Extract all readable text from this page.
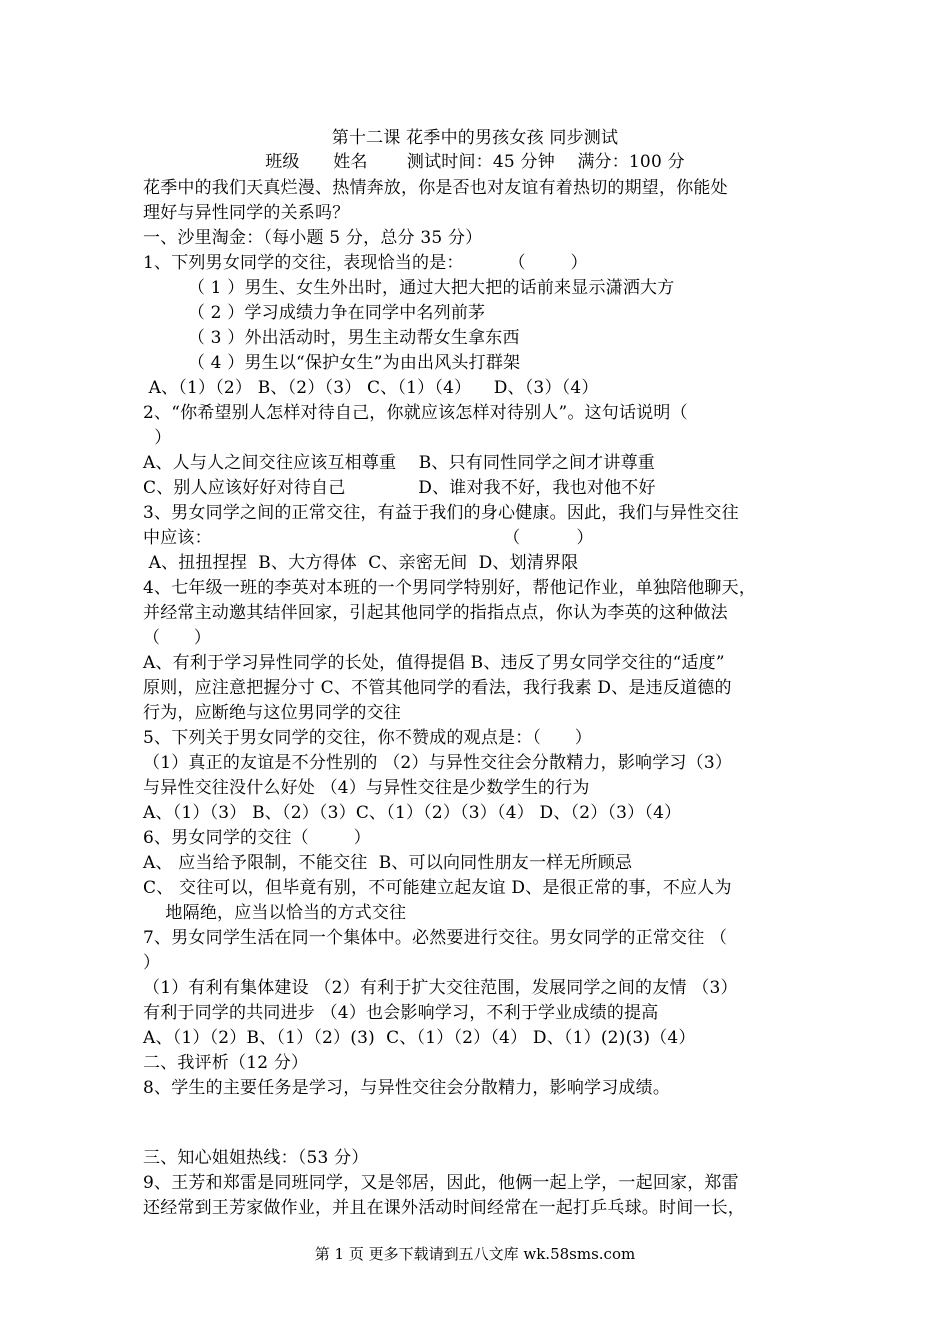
第十二课 花季中的男孩女孩 同步测试
班级      姓名       测试时间：45 分钟    满分：100 分
花季中的我们天真烂漫、热情奔放，你是否也对友谊有着热切的期望，你能处
理好与异性同学的关系吗？
一、沙里淘金：（每小题 5 分，总分 35 分）
1、下列男女同学的交往，表现恰当的是：        （        ）
（ 1 ）男生、女生外出时，通过大把大把的话前来显示潇洒大方
（ 2 ）学习成绩力争在同学中名列前茅
（ 3 ）外出活动时，男生主动帮女生拿东西
（ 4 ）男生以“保护女生”为由出风头打群架
A、（1）（2） B、（2）（3） C、（1）（4）    D、（3）（4）
2、“你希望别人怎样对待自己，你就应该怎样对待别人”。这句话说明（
）
A、人与人之间交往应该互相尊重    B、只有同性同学之间才讲尊重
C、别人应该好好对待自己             D、谁对我不好，我也对他不好
3、男女同学之间的正常交往，有益于我们的身心健康。因此，我们与异性交往
中应该：                                                    （          ）
A、扭扭捏捏  B、大方得体  C、亲密无间  D、划清界限
4、七年级一班的李英对本班的一个男同学特别好，帮他记作业，单独陪他聊天，
并经常主动邀其结伴回家，引起其他同学的指指点点，你认为李英的这种做法
（      ）
A、有利于学习异性同学的长处，值得提倡 B、违反了男女同学交往的“适度”
原则，应注意把握分寸 C、不管其他同学的看法，我行我素 D、是违反道德的
行为，应断绝与这位男同学的交往
5、下列关于男女同学的交往，你不赞成的观点是：（      ）
（1）真正的友谊是不分性别的 （2）与异性交往会分散精力，影响学习（3）
与异性交往没什么好处 （4）与异性交往是少数学生的行为
A、（1）（3） B、（2）（3）C、（1）（2）（3）（4） D、（2）（3）（4）
6、男女同学的交往（        ）
A、 应当给予限制，不能交往  B、可以向同性朋友一样无所顾忌
C、 交往可以，但毕竟有别，不可能建立起友谊 D、是很正常的事，不应人为
地隔绝，应当以恰当的方式交往
7、男女同学生活在同一个集体中。必然要进行交往。男女同学的正常交往 （
）
（1）有利有集体建设 （2）有利于扩大交往范围，发展同学之间的友情 （3）
有利于同学的共同进步 （4）也会影响学习，不利于学业成绩的提高
A、（1）（2）B、（1）（2）(3)  C、（1）（2）（4） D、（1）(2)(3)（4）
二、我评析（12 分）
8、学生的主要任务是学习，与异性交往会分散精力，影响学习成绩。
三、知心姐姐热线：（53 分）
9、王芳和郑雷是同班同学，又是邻居，因此，他俩一起上学，一起回家，郑雷
还经常到王芳家做作业，并且在课外活动时间经常在一起打乒乓球。时间一长，
第 1 页 更多下载请到五八文库 wk.58sms.com
